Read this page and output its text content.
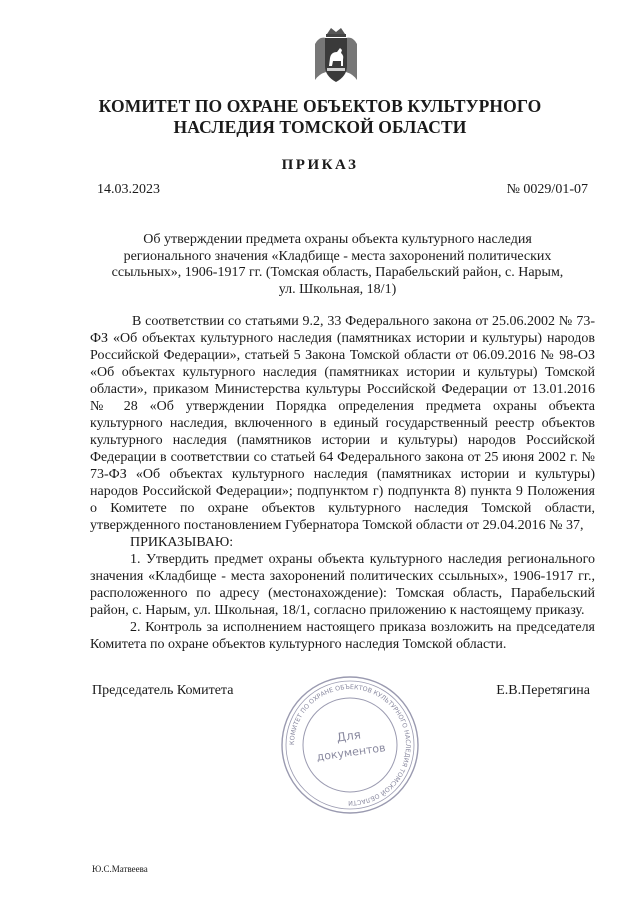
КОМИТЕТ ПО ОХРАНЕ ОБЪЕКТОВ КУЛЬТУРНОГО
НАСЛЕДИЯ ТОМСКОЙ ОБЛАСТИ
ПРИКАЗ
14.03.2023	№ 0029/01-07
Об утверждении предмета охраны объекта культурного наследия
регионального значения «Кладбище - места захоронений политических
ссыльных», 1906-1917 гг. (Томская область, Парабельский район, с. Нарым,
ул. Школьная, 18/1)

В соответствии со статьями 9.2, 33 Федерального закона от 25.06.2002 № 73-ФЗ «Об объектах культурного наследия (памятниках истории и культуры) народов Российской Федерации», статьей 5 Закона Томской области от 06.09.2016 № 98-ОЗ «Об объектах культурного наследия (памятниках истории и культуры) Томской области», приказом Министерства культуры Российской Федерации от 13.01.2016 № 28 «Об утверждении Порядка определения предмета охраны объекта культурного наследия, включенного в единый государственный реестр объектов культурного наследия (памятников истории и культуры) народов Российской Федерации в соответствии со статьей 64 Федерального закона от 25 июня 2002 г. № 73-ФЗ «Об объектах культурного наследия (памятниках истории и культуры) народов Российской Федерации»; подпунктом г) подпункта 8) пункта 9 Положения о Комитете по охране объектов культурного наследия Томской области, утвержденного постановлением Губернатора Томской области от 29.04.2016 № 37,

ПРИКАЗЫВАЮ:

1. Утвердить предмет охраны объекта культурного наследия регионального значения «Кладбище - места захоронений политических ссыльных», 1906-1917 гг., расположенного по адресу (местонахождение): Томская область, Парабельский район, с. Нарым, ул. Школьная, 18/1, согласно приложению к настоящему приказу.

2. Контроль за исполнением настоящего приказа возложить на председателя Комитета по охране объектов культурного наследия Томской области.

Председатель Комитета	Е.В.Перетягина
КОМИТЕТ ПО ОХРАНЕ ОБЪЕКТОВ КУЛЬТУРНОГО НАСЛЕДИЯ ТОМСКОЙ ОБЛАСТИ
Для
документов
Ю.С.Матвеева
